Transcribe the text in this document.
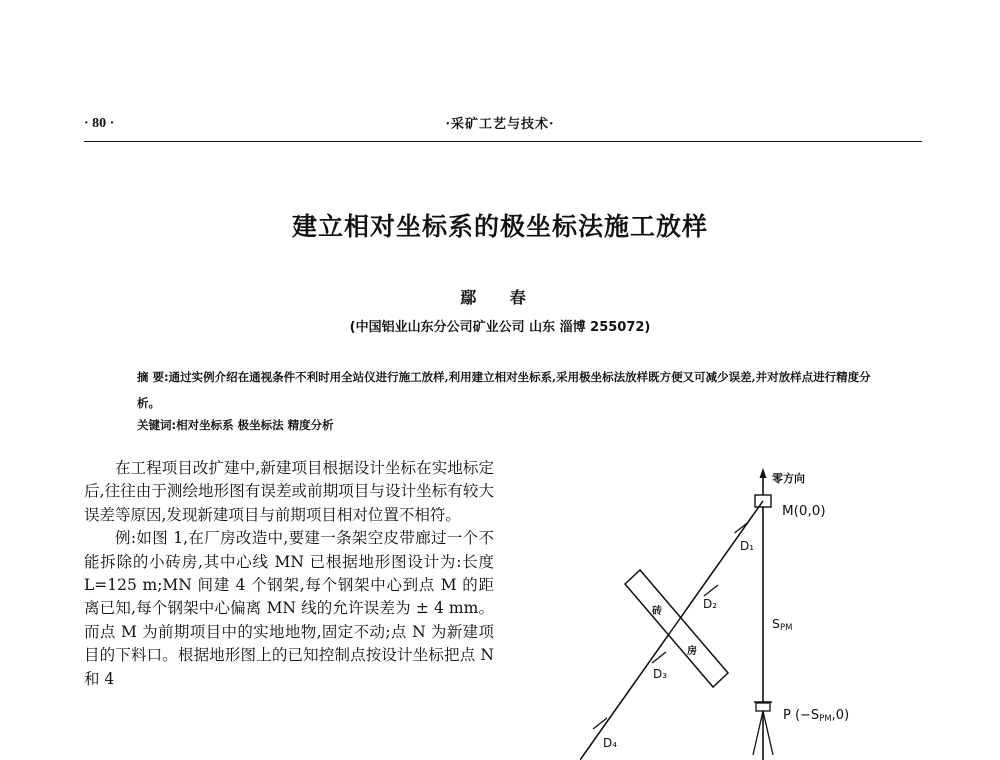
· 80 ·	·采矿工艺与技术·
建立相对坐标系的极坐标法施工放样
鄢 春
(中国铝业山东分公司矿业公司 山东 淄博 255072)
摘 要:通过实例介绍在通视条件不利时用全站仪进行施工放样,利用建立相对坐标系,采用极坐标法放样既方便又可减少误差,并对放样点进行精度分析。
关键词:相对坐标系 极坐标法 精度分析

在工程项目改扩建中,新建项目根据设计坐标在实地标定后,往往由于测绘地形图有误差或前期项目与设计坐标有较大误差等原因,发现新建项目与前期项目相对位置不相符。

例:如图 1,在厂房改造中,要建一条架空皮带廊过一个不能拆除的小砖房,其中心线 MN 已根据地形图设计为:长度 L=125 m;MN 间建 4 个钢架,每个钢架中心到点 M 的距离已知,每个钢架中心偏离 MN 线的允许误差为 ± 4 mm。而点 M 为前期项目中的实地地物,固定不动;点 N 为新建项目的下料口。根据地形图上的已知控制点按设计坐标把点 N 和 4

零方向
M(0,0)
D₁
D₂
D₃
D₄
砖
房
SPM
P (−SPM,0)
